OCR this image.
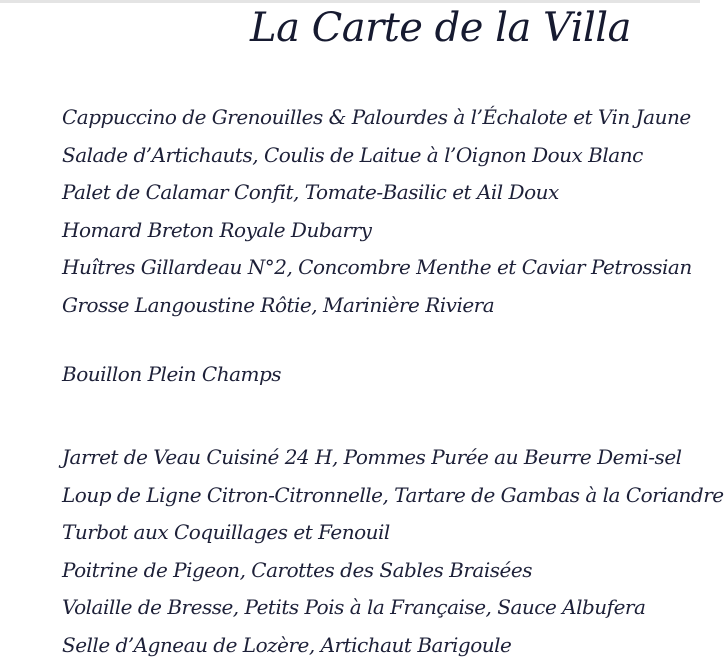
La Carte de la Villa
Cappuccino de Grenouilles & Palourdes à l’Échalote et Vin Jaune
Salade d’Artichauts, Coulis de Laitue à l’Oignon Doux Blanc
Palet de Calamar Confit, Tomate-Basilic et Ail Doux
Homard Breton Royale Dubarry
Huîtres Gillardeau N°2, Concombre Menthe et Caviar Petrossian
Grosse Langoustine Rôtie, Marinière Riviera
Bouillon Plein Champs
Jarret de Veau Cuisiné 24 H, Pommes Purée au Beurre Demi-sel
Loup de Ligne Citron-Citronnelle, Tartare de Gambas à la Coriandre
Turbot aux Coquillages et Fenouil
Poitrine de Pigeon, Carottes des Sables Braisées
Volaille de Bresse, Petits Pois à la Française, Sauce Albufera
Selle d’Agneau de Lozère, Artichaut Barigoule
